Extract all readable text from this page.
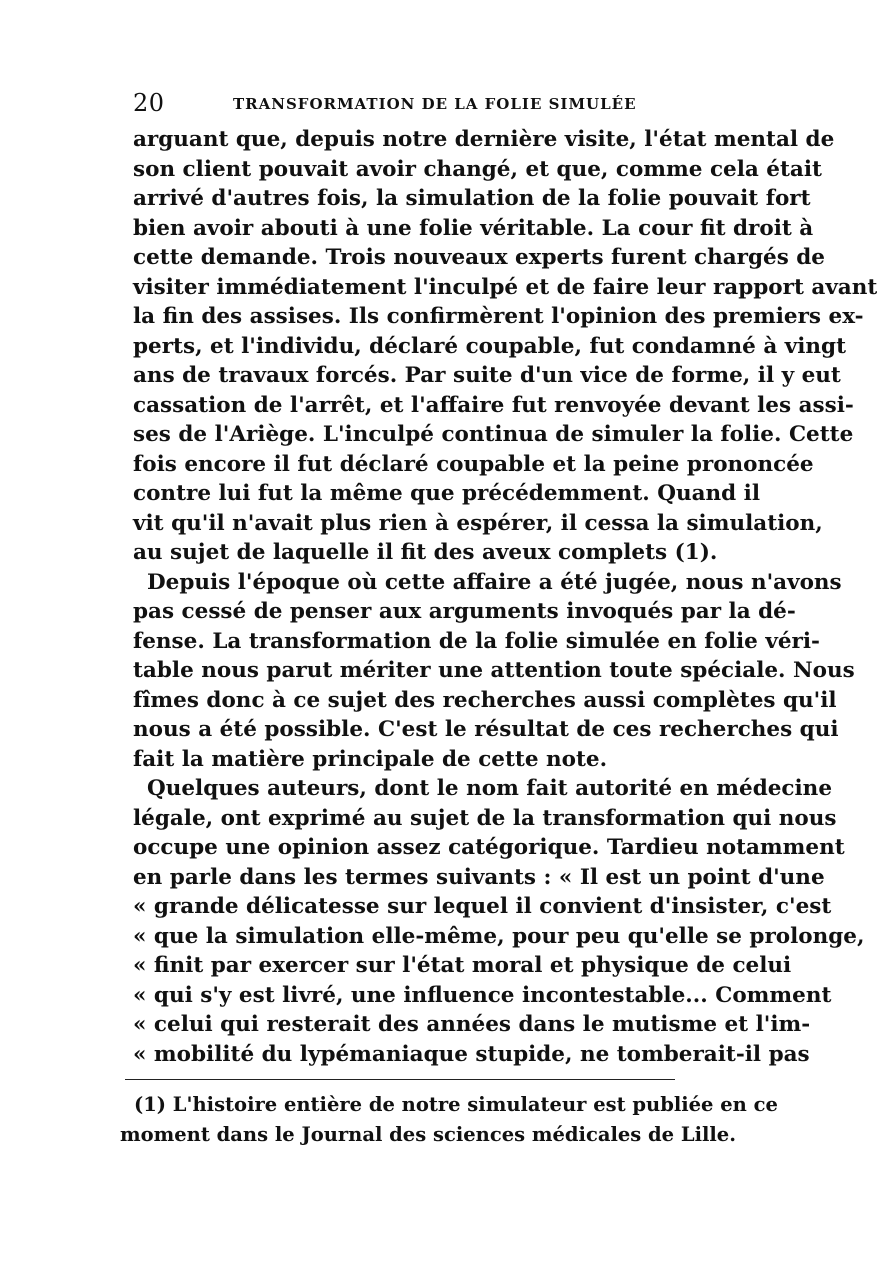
20	TRANSFORMATION DE LA FOLIE SIMULÉE
arguant que, depuis notre dernière visite, l'état mental de
son client pouvait avoir changé, et que, comme cela était
arrivé d'autres fois, la simulation de la folie pouvait fort
bien avoir abouti à une folie véritable. La cour fit droit à
cette demande. Trois nouveaux experts furent chargés de
visiter immédiatement l'inculpé et de faire leur rapport avant
la fin des assises. Ils confirmèrent l'opinion des premiers ex-
perts, et l'individu, déclaré coupable, fut condamné à vingt
ans de travaux forcés. Par suite d'un vice de forme, il y eut
cassation de l'arrêt, et l'affaire fut renvoyée devant les assi-
ses de l'Ariège. L'inculpé continua de simuler la folie. Cette
fois encore il fut déclaré coupable et la peine prononcée
contre lui fut la même que précédemment. Quand il
vit qu'il n'avait plus rien à espérer, il cessa la simulation,
au sujet de laquelle il fit des aveux complets (1).
Depuis l'époque où cette affaire a été jugée, nous n'avons
pas cessé de penser aux arguments invoqués par la dé-
fense. La transformation de la folie simulée en folie véri-
table nous parut mériter une attention toute spéciale. Nous
fîmes donc à ce sujet des recherches aussi complètes qu'il
nous a été possible. C'est le résultat de ces recherches qui
fait la matière principale de cette note.
Quelques auteurs, dont le nom fait autorité en médecine
légale, ont exprimé au sujet de la transformation qui nous
occupe une opinion assez catégorique. Tardieu notamment
en parle dans les termes suivants : « Il est un point d'une
« grande délicatesse sur lequel il convient d'insister, c'est
« que la simulation elle-même, pour peu qu'elle se prolonge,
« finit par exercer sur l'état moral et physique de celui
« qui s'y est livré, une influence incontestable... Comment
« celui qui resterait des années dans le mutisme et l'im-
« mobilité du lypémaniaque stupide, ne tomberait-il pas
(1) L'histoire entière de notre simulateur est publiée en ce
moment dans le Journal des sciences médicales de Lille.
